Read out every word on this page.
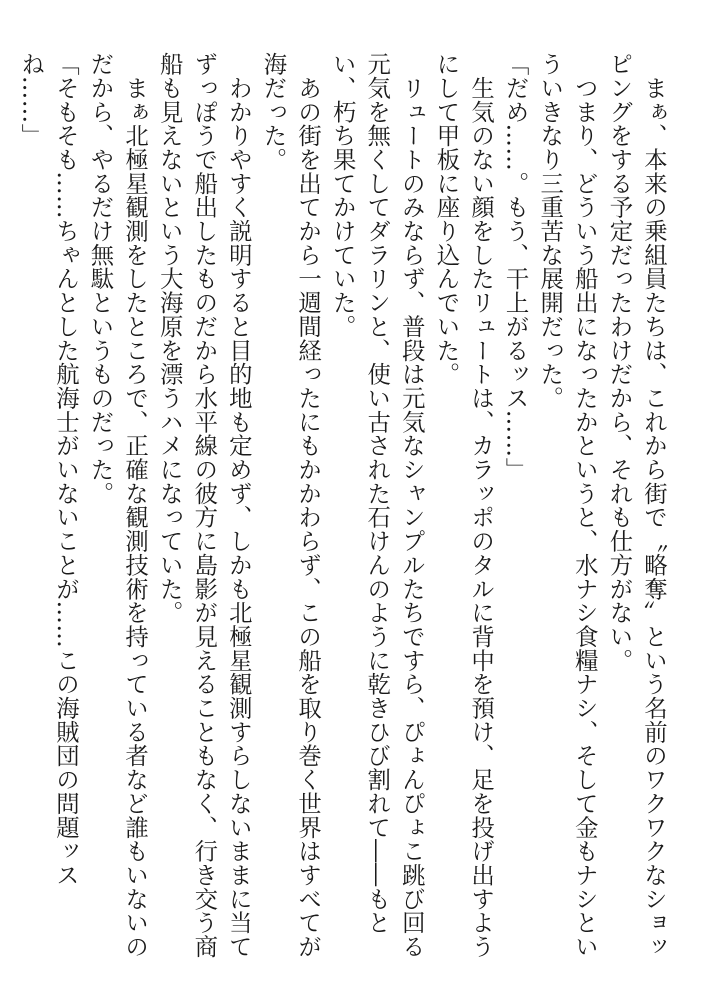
　まぁ、本来の乗組員たちは、これから街で〝略奪〟という名前のワクワクなショッピングをする予定だったわけだから、それも仕方がない。

　つまり、どういう船出になったかというと、水ナシ食糧ナシ、そして金もナシといういきなり三重苦な展開だった。

「だめ……。もう、干上がるッス……」

　生気のない顔をしたリュートは、カラッポのタルに背中を預け、足を投げ出すようにして甲板に座り込んでいた。

　リュートのみならず、普段は元気なシャンプルたちですら、ぴょんぴょこ跳び回る元気を無くしてダラリンと、使い古された石けんのように乾きひび割れて――もとい、朽ち果てかけていた。

　あの街を出てから一週間経ったにもかかわらず、この船を取り巻く世界はすべてが海だった。

　わかりやすく説明すると目的地も定めず、しかも北極星観測すらしないままに当てずっぽうで船出したものだから水平線の彼方に島影が見えることもなく、行き交う商船も見えないという大海原を漂うハメになっていた。

　まぁ北極星観測をしたところで、正確な観測技術を持っている者など誰もいないのだから、やるだけ無駄というものだった。

「そもそも……ちゃんとした航海士がいないことが……この海賊団の問題ッスね……」
